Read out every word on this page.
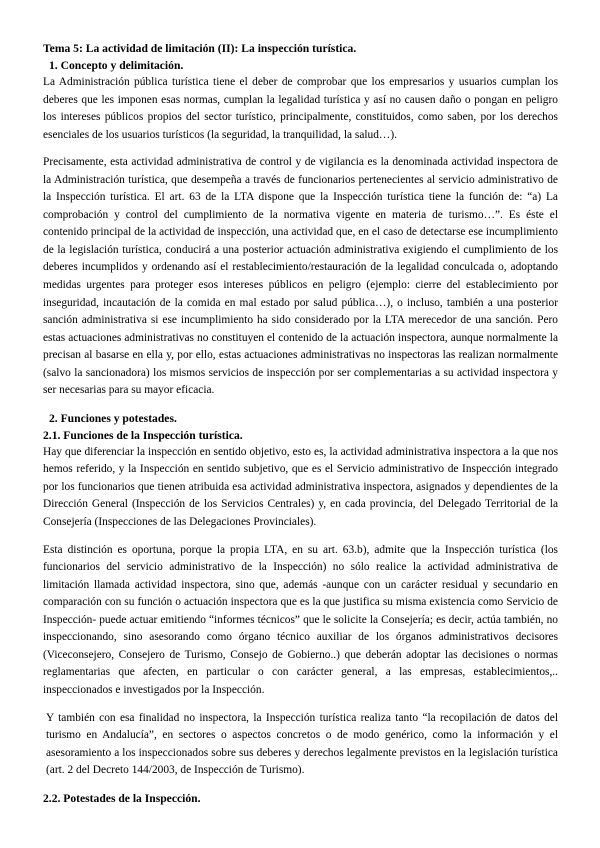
Tema 5: La actividad de limitación (II): La inspección turística.

1. Concepto y delimitación.

La Administración pública turística tiene el deber de comprobar que los empresarios y usuarios cumplan los deberes que les imponen esas normas, cumplan la legalidad turística y así no causen daño o pongan en peligro los intereses públicos propios del sector turístico, principalmente, constituidos, como saben, por los derechos esenciales de los usuarios turísticos (la seguridad, la tranquilidad, la salud…).

Precisamente, esta actividad administrativa de control y de vigilancia es la denominada actividad inspectora de la Administración turística, que desempeña a través de funcionarios pertenecientes al servicio administrativo de la Inspección turística. El art. 63 de la LTA dispone que la Inspección turística tiene la función de: “a) La comprobación y control del cumplimiento de la normativa vigente en materia de turismo…”. Es éste el contenido principal de la actividad de inspección, una actividad que, en el caso de detectarse ese incumplimiento de la legislación turística, conducirá a una posterior actuación administrativa exigiendo el cumplimiento de los deberes incumplidos y ordenando así el restablecimiento/restauración de la legalidad conculcada o, adoptando medidas urgentes para proteger esos intereses públicos en peligro (ejemplo: cierre del establecimiento por inseguridad, incautación de la comida en mal estado por salud pública…), o incluso, también a una posterior sanción administrativa si ese incumplimiento ha sido considerado por la LTA merecedor de una sanción. Pero estas actuaciones administrativas no constituyen el contenido de la actuación inspectora, aunque normalmente la precisan al basarse en ella y, por ello, estas actuaciones administrativas no inspectoras las realizan normalmente (salvo la sancionadora) los mismos servicios de inspección por ser complementarias a su actividad inspectora y ser necesarias para su mayor eficacia.

2. Funciones y potestades.

2.1. Funciones de la Inspección turística.

Hay que diferenciar la inspección en sentido objetivo, esto es, la actividad administrativa inspectora a la que nos hemos referido, y la Inspección en sentido subjetivo, que es el Servicio administrativo de Inspección integrado por los funcionarios que tienen atribuida esa actividad administrativa inspectora, asignados y dependientes de la Dirección General (Inspección de los Servicios Centrales) y, en cada provincia, del Delegado Territorial de la Consejería (Inspecciones de las Delegaciones Provinciales).

Esta distinción es oportuna, porque la propia LTA, en su art. 63.b), admite que la Inspección turística (los funcionarios del servicio administrativo de la Inspección) no sólo realice la actividad administrativa de limitación llamada actividad inspectora, sino que, además -aunque con un carácter residual y secundario en comparación con su función o actuación inspectora que es la que justifica su misma existencia como Servicio de Inspección- puede actuar emitiendo “informes técnicos” que le solicite la Consejería; es decir, actúa también, no inspeccionando, sino asesorando como órgano técnico auxiliar de los órganos administrativos decisores (Viceconsejero, Consejero de Turismo, Consejo de Gobierno..) que deberán adoptar las decisiones o normas reglamentarias que afecten, en particular o con carácter general, a las empresas, establecimientos,.. inspeccionados e investigados por la Inspección.

Y también con esa finalidad no inspectora, la Inspección turística realiza tanto “la recopilación de datos del turismo en Andalucía”, en sectores o aspectos concretos o de modo genérico, como la información y el asesoramiento a los inspeccionados sobre sus deberes y derechos legalmente previstos en la legislación turística (art. 2 del Decreto 144/2003, de Inspección de Turismo).

2.2. Potestades de la Inspección.
